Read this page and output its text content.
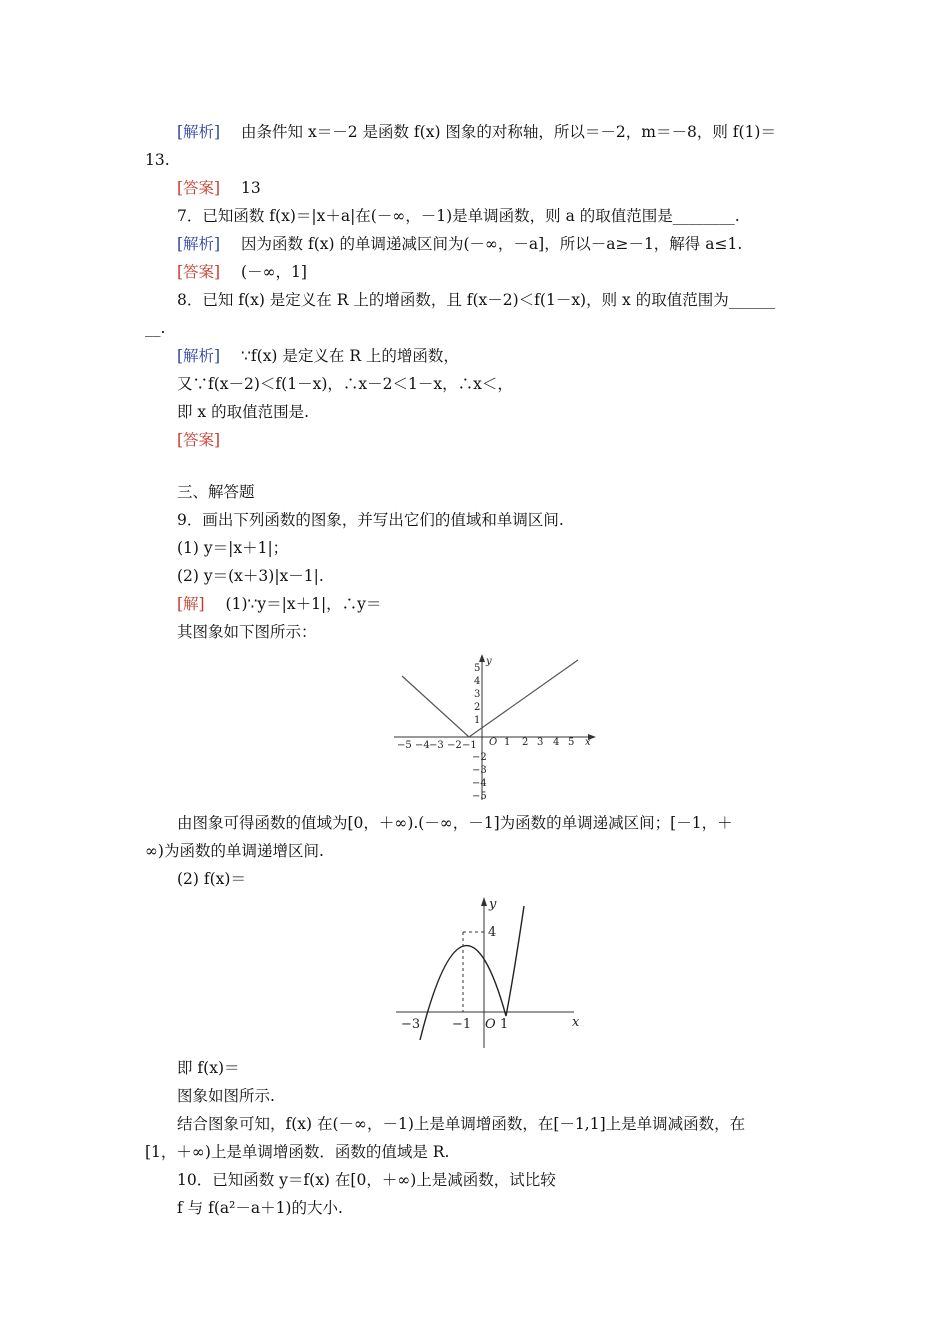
[解析] 由条件知 x＝－2 是函数 f(x) 图象的对称轴，所以＝－2，m＝－8，则 f(1)＝
13.
[答案] 13
7．已知函数 f(x)＝|x＋a|在(－∞，－1)是单调函数，则 a 的取值范围是________.
[解析] 因为函数 f(x) 的单调递减区间为(－∞，－a]，所以－a≥－1，解得 a≤1.
[答案] (－∞，1]
8．已知 f(x) 是定义在 R 上的增函数，且 f(x－2)＜f(1－x)，则 x 的取值范围为______
__.
[解析] ∵f(x) 是定义在 R 上的增函数，
又∵f(x－2)＜f(1－x)，∴x－2＜1－x，∴x＜，
即 x 的取值范围是.
[答案]
三、解答题
9．画出下列函数的图象，并写出它们的值域和单调区间.
(1) y＝|x＋1|；
(2) y＝(x＋3)|x－1|.
[解] (1)∵y＝|x＋1|，∴y＝
其图象如下图所示：
−5 −4 −3 −2 −1	1 2 3 4 5 x
O
y
5
4
3
2
1
−2
−3
−4
−5
由图象可得函数的值域为[0，＋∞).(－∞，－1]为函数的单调递减区间；[－1，＋
∞)为函数的单调递增区间.
(2) f(x)＝
−3 −1 1
4
O	x
y
即 f(x)＝
图象如图所示.
结合图象可知，f(x) 在(－∞，－1)上是单调增函数，在[－1,1]上是单调减函数，在
[1，＋∞)上是单调增函数．函数的值域是 R.
10．已知函数 y＝f(x) 在[0，＋∞)上是减函数，试比较
f 与 f(a²－a＋1)的大小.
